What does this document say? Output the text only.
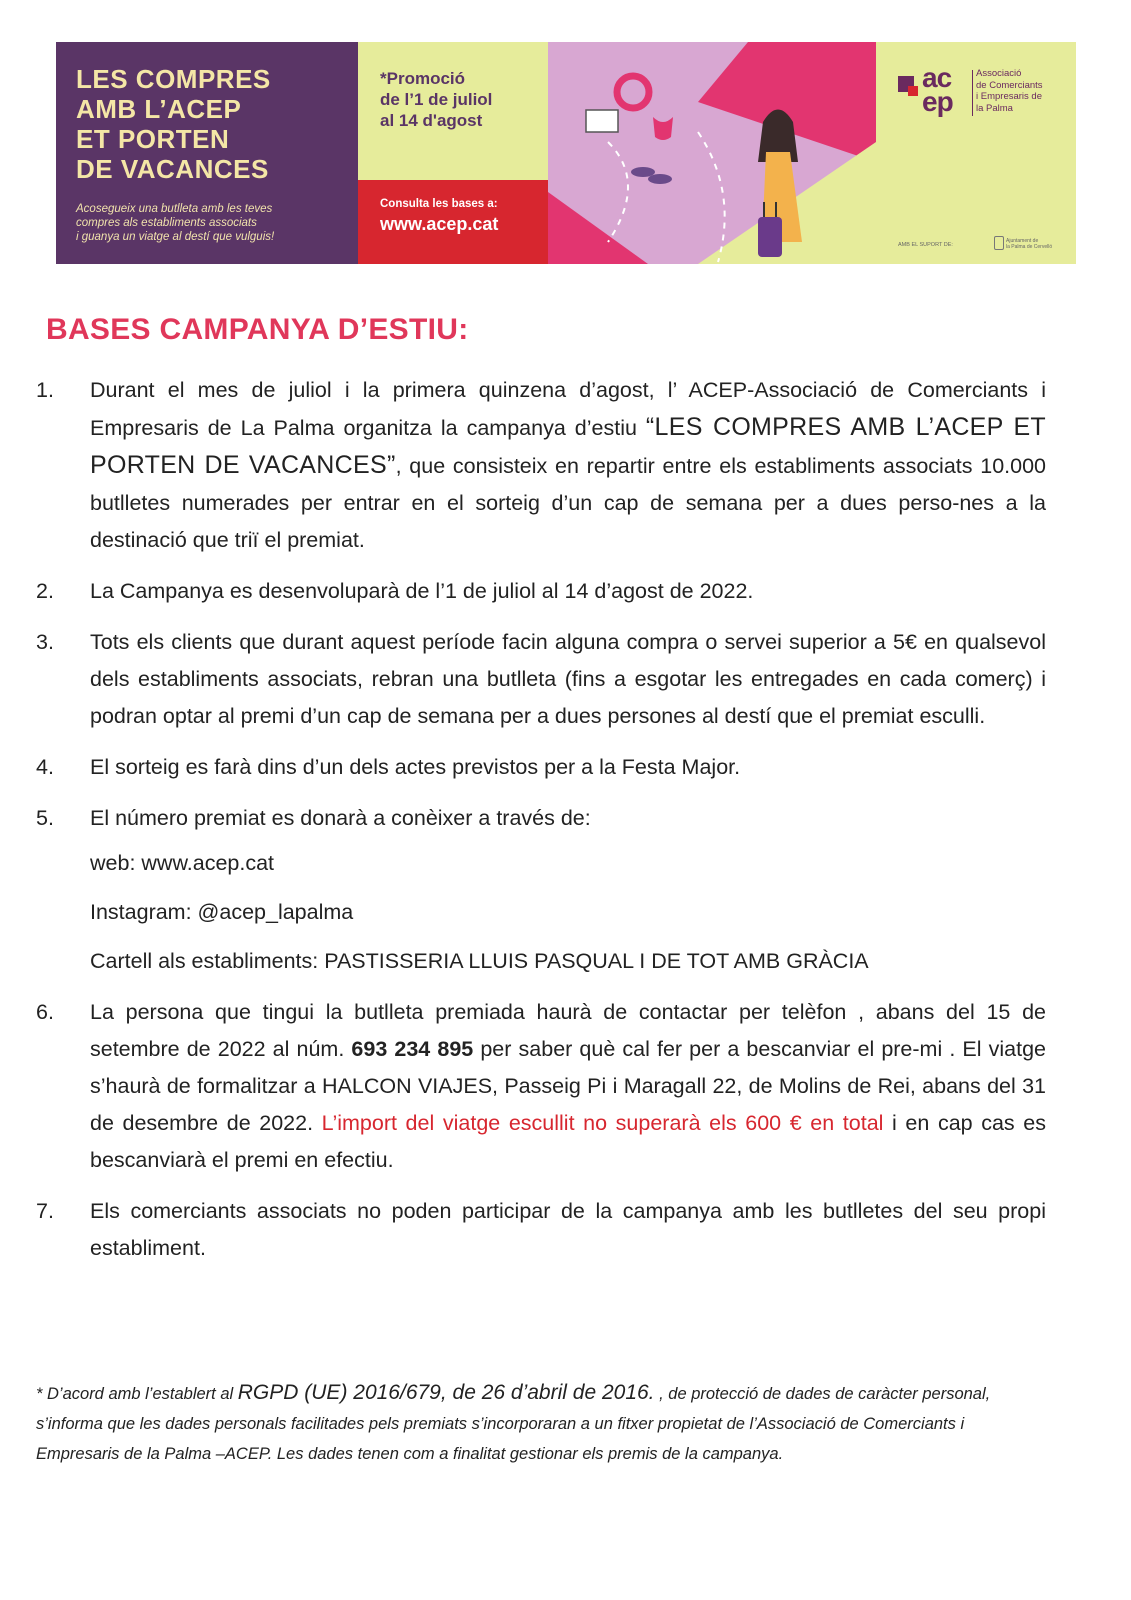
LES COMPRES
AMB L’ACEP
ET PORTEN
DE VACANCES
Acosegueix una butlleta amb les teves
compres als establiments associats
i guanya un viatge al destí que vulguis!
*Promoció
de l’1 de juliol
al 14 d'agost
Consulta les bases a:
www.acep.cat
ac
ep
Associació
de Comerciants
i Empresaris de
la Palma
AMB EL SUPORT DE:
Ajuntament de
la Palma de Cervelló
BASES CAMPANYA D’ESTIU:
1.	Durant el mes de juliol i la primera quinzena d’agost, l’ ACEP-Associació de Comerciants i Empresaris de La Palma organitza la campanya d’estiu “LES COMPRES AMB L’ACEP ET PORTEN DE VACANCES”, que consisteix en repartir entre els establiments associats 10.000 butlletes numerades per entrar en el sorteig d’un cap de semana per a dues perso-nes a la destinació que triï el premiat.
2.	La Campanya es desenvoluparà de l’1 de juliol al 14 d’agost de 2022.
3.	Tots els clients que durant aquest període facin alguna compra o servei superior a 5€ en qualsevol dels establiments associats, rebran una butlleta (fins a esgotar les entregades en cada comerç) i podran optar al premi d’un cap de semana per a dues persones al destí que el premiat esculli.
4.	El sorteig es farà dins d’un dels actes previstos per a la Festa Major.
5.	El número premiat es donarà a conèixer a través de:
web: www.acep.cat
Instagram: @acep_lapalma
Cartell als establiments: PASTISSERIA LLUIS PASQUAL I DE TOT AMB GRÀCIA
6.	La persona que tingui la butlleta premiada haurà de contactar per telèfon , abans del 15 de setembre de 2022 al núm. 693 234 895 per saber què cal fer per a bescanviar el pre-mi . El viatge s’haurà de formalitzar a HALCON VIAJES, Passeig Pi i Maragall 22, de Molins de Rei, abans del 31 de desembre de 2022. L’import del viatge escullit no superarà els 600 € en total i en cap cas es bescanviarà el premi en efectiu.
7.	Els comerciants associats no poden participar de la campanya amb les butlletes del seu propi establiment.
* D’acord amb l’establert al RGPD (UE) 2016/679, de 26 d’abril de 2016. , de protecció de dades de caràcter personal, s’informa que les dades personals facilitades pels premiats s’incorporaran a un fitxer propietat de l’Associació de Comerciants i Empresaris de la Palma –ACEP. Les dades tenen com a finalitat gestionar els premis de la campanya.
